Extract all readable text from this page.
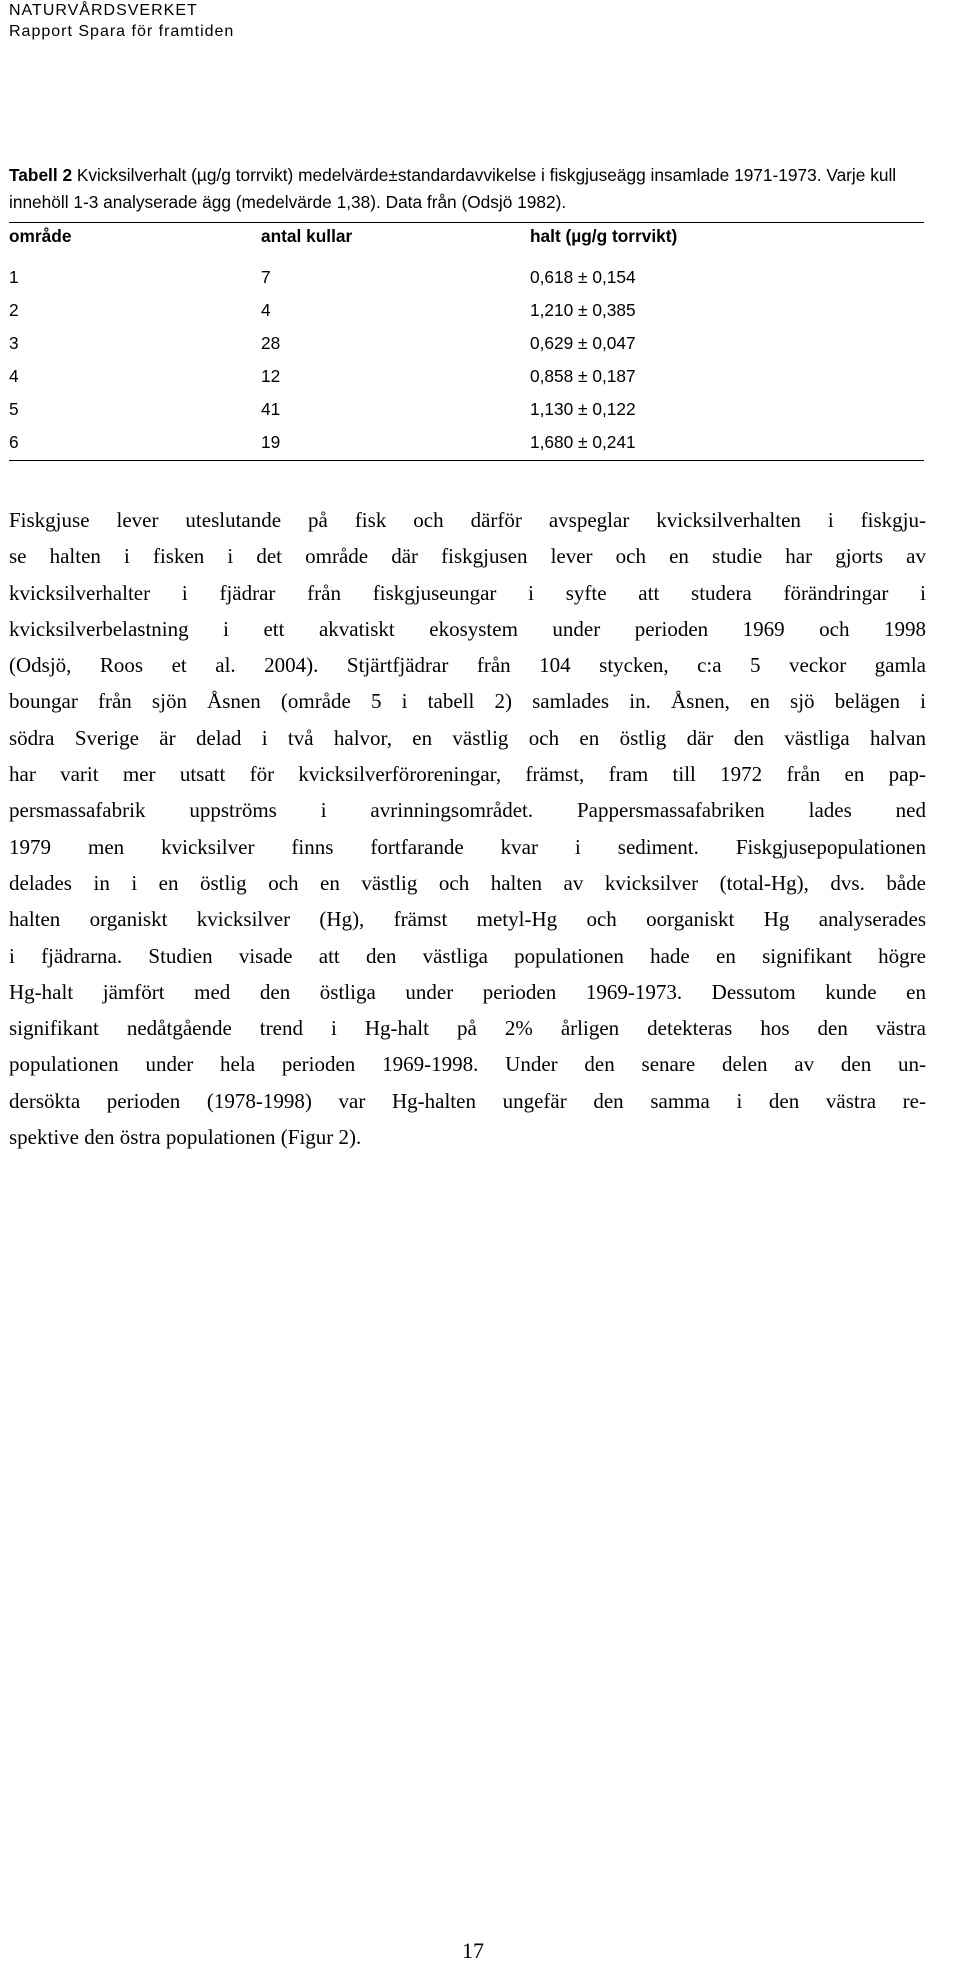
NATURVÅRDSVERKET
Rapport Spara för framtiden
Tabell 2 Kvicksilverhalt (µg/g torrvikt) medelvärde±standardavvikelse i fiskgjuseägg insamlade 1971-1973. Varje kull innehöll 1-3 analyserade ägg (medelvärde 1,38). Data från (Odsjö 1982).
område	antal kullar	halt (µg/g torrvikt)
1	7	0,618 ± 0,154
2	4	1,210 ± 0,385
3	28	0,629 ± 0,047
4	12	0,858 ± 0,187
5	41	1,130 ± 0,122
6	19	1,680 ± 0,241
Fiskgjuse lever uteslutande på fisk och därför avspeglar kvicksilverhalten i fiskgju-
se halten i fisken i det område där fiskgjusen lever och en studie har gjorts av
kvicksilverhalter i fjädrar från fiskgjuseungar i syfte att studera förändringar i
kvicksilverbelastning i ett akvatiskt ekosystem under perioden 1969 och 1998
(Odsjö, Roos et al. 2004). Stjärtfjädrar från 104 stycken, c:a 5 veckor gamla
boungar från sjön Åsnen (område 5 i tabell 2) samlades in. Åsnen, en sjö belägen i
södra Sverige är delad i två halvor, en västlig och en östlig där den västliga halvan
har varit mer utsatt för kvicksilverföroreningar, främst, fram till 1972 från en pap-
persmassafabrik uppströms i avrinningsområdet. Pappersmassafabriken lades ned
1979 men kvicksilver finns fortfarande kvar i sediment. Fiskgjusepopulationen
delades in i en östlig och en västlig och halten av kvicksilver (total-Hg), dvs. både
halten organiskt kvicksilver (Hg), främst metyl-Hg och oorganiskt Hg analyserades
i fjädrarna. Studien visade att den västliga populationen hade en signifikant högre
Hg-halt jämfört med den östliga under perioden 1969-1973. Dessutom kunde en
signifikant nedåtgående trend i Hg-halt på 2% årligen detekteras hos den västra
populationen under hela perioden 1969-1998. Under den senare delen av den un-
dersökta perioden (1978-1998) var Hg-halten ungefär den samma i den västra re-
spektive den östra populationen (Figur 2).
17
